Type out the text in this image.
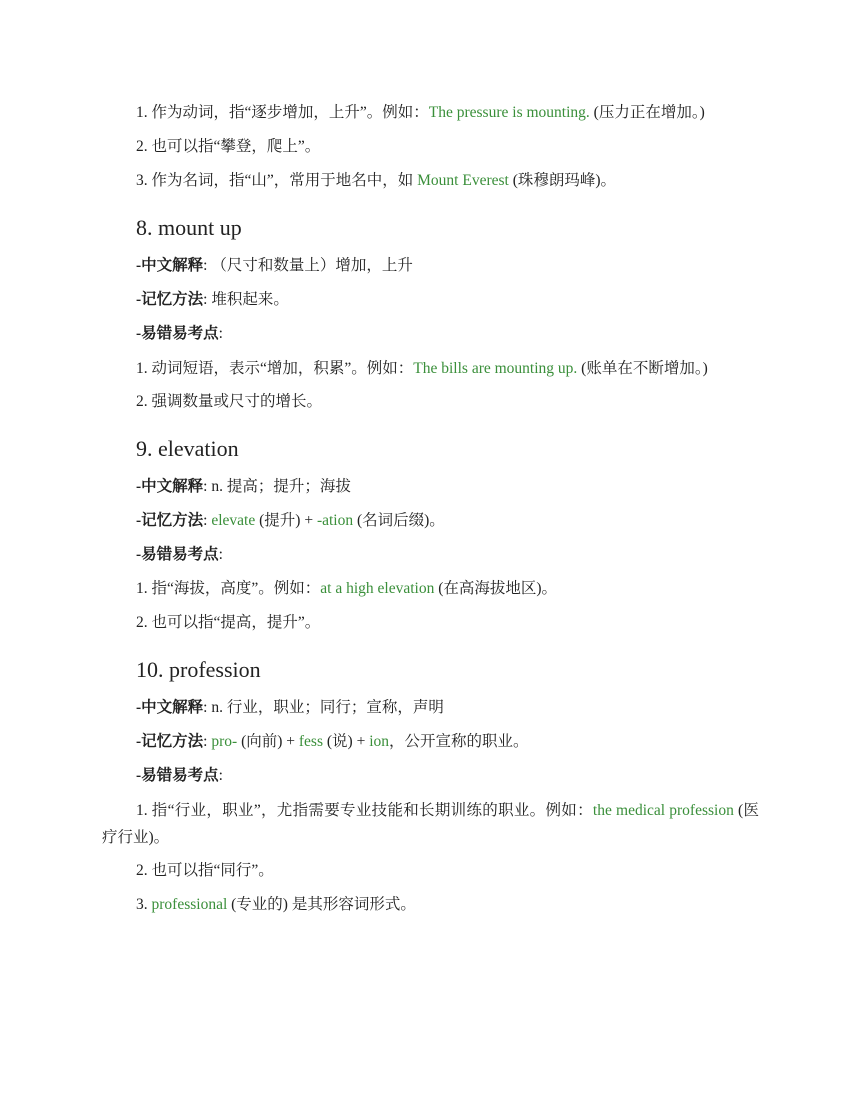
1. 作为动词，指“逐步增加，上升”。例如：The pressure is mounting. (压力正在增加。)

2. 也可以指“攀登，爬上”。

3. 作为名词，指“山”，常用于地名中，如 Mount Everest (珠穆朗玛峰)。

8. mount up

-中文解释: （尺寸和数量上）增加，上升

-记忆方法: 堆积起来。

-易错易考点:

1. 动词短语，表示“增加，积累”。例如：The bills are mounting up. (账单在不断增加。)

2. 强调数量或尺寸的增长。

9. elevation

-中文解释: n. 提高；提升；海拔

-记忆方法: elevate (提升) + -ation (名词后缀)。

-易错易考点:

1. 指“海拔，高度”。例如：at a high elevation (在高海拔地区)。

2. 也可以指“提高，提升”。

10. profession

-中文解释: n. 行业，职业；同行；宣称，声明

-记忆方法: pro- (向前) + fess (说) + ion，公开宣称的职业。

-易错易考点:

1. 指“行业，职业”，尤指需要专业技能和长期训练的职业。例如：the medical profession (医疗行业)。

2. 也可以指“同行”。

3. professional (专业的) 是其形容词形式。
